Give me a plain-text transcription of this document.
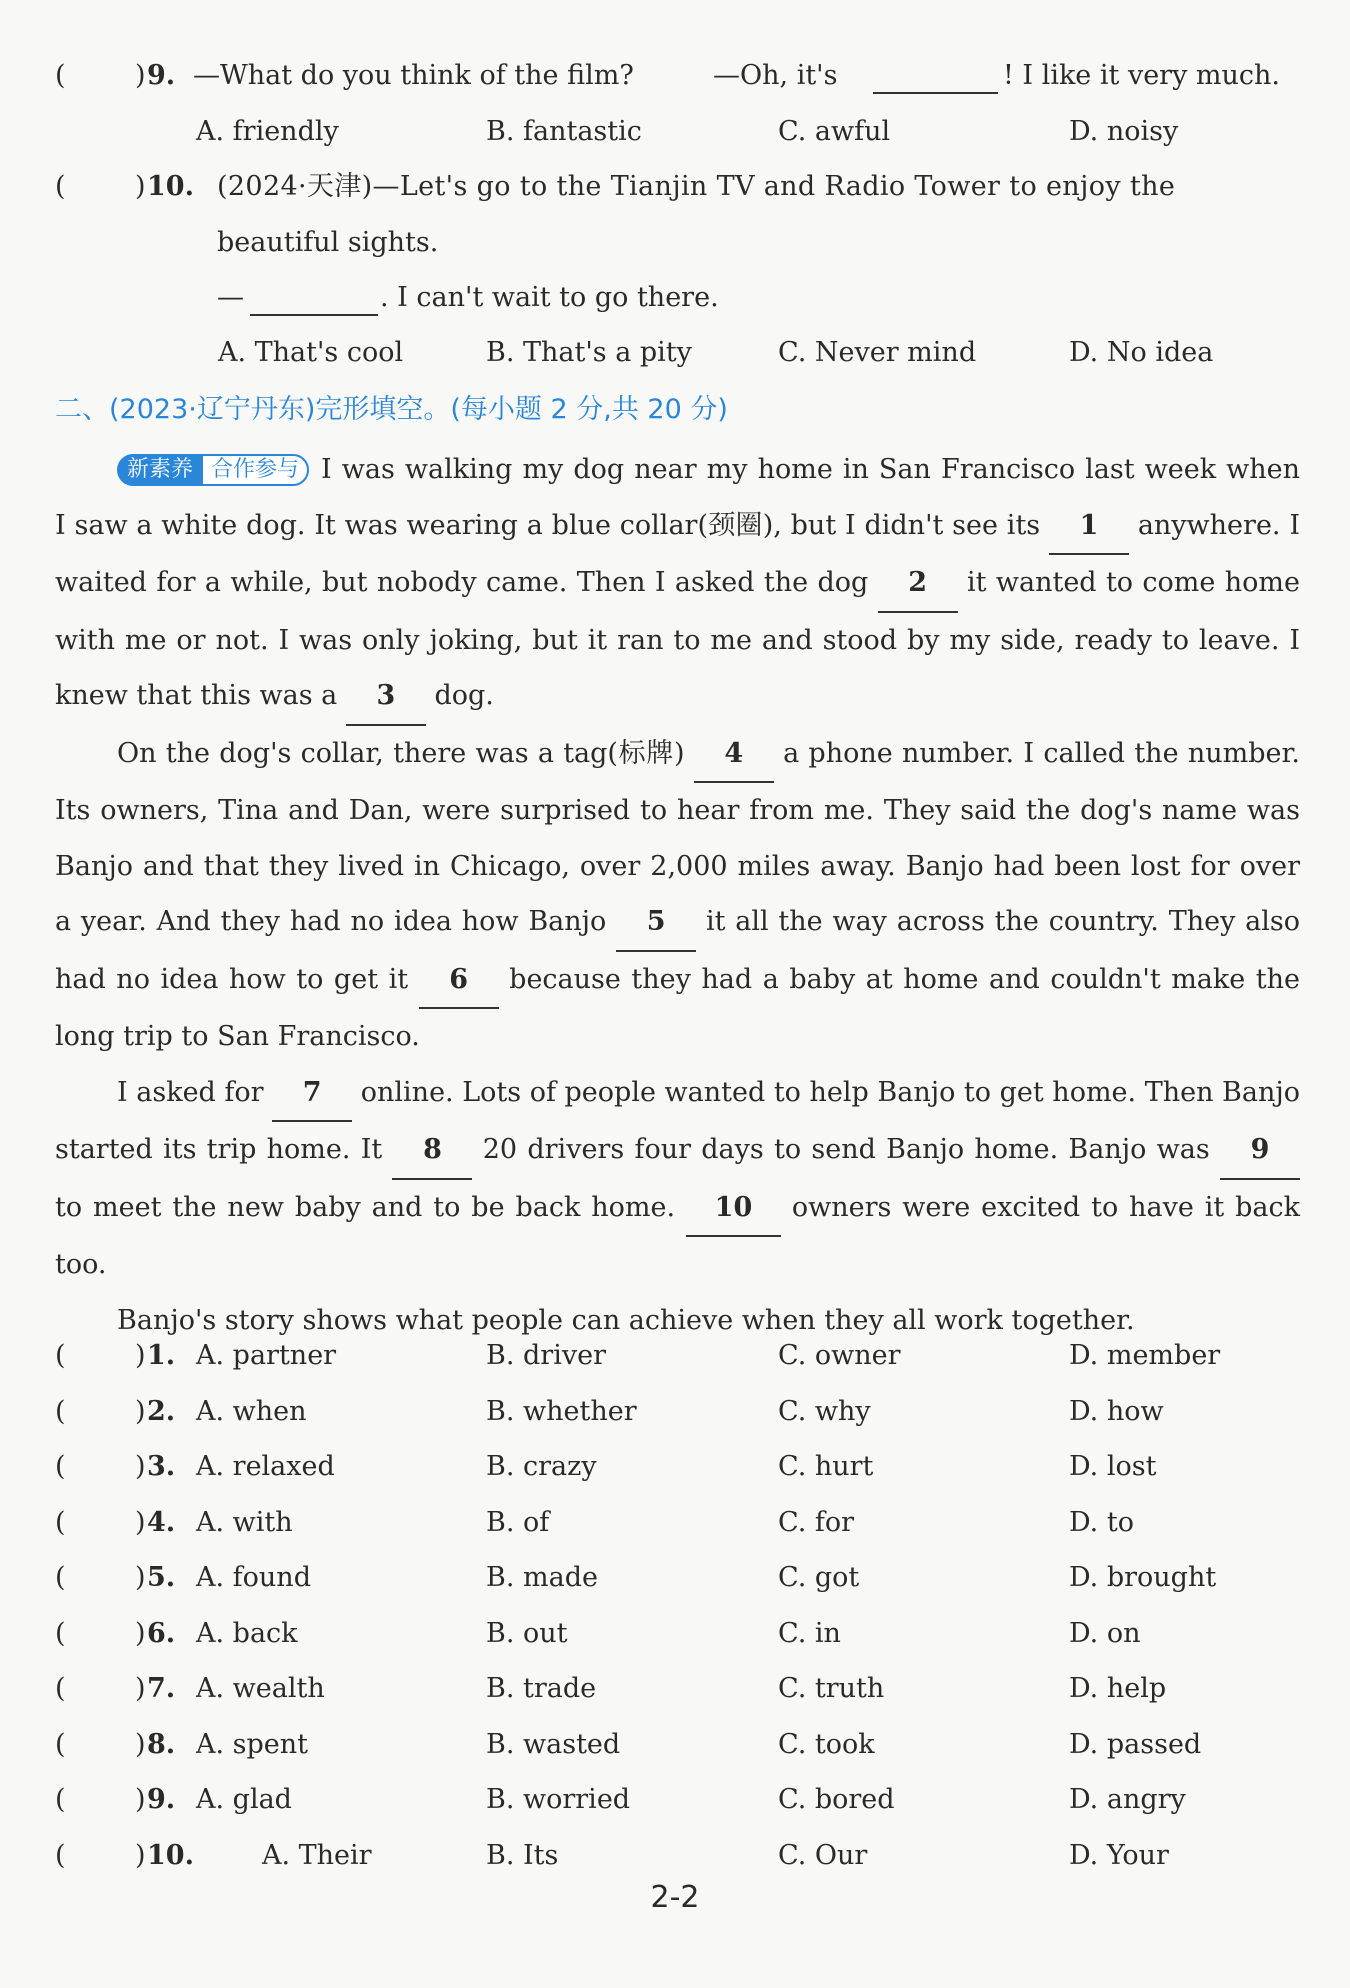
(	) 9. —What do you think of the film?	—Oh, it's	! I like it very much.
A. friendly	B. fantastic	C. awful	D. noisy
(	) 10. (2024·天津)—Let's go to the Tianjin TV and Radio Tower to enjoy the
beautiful sights.
—	. I can't wait to go there.
A. That's cool	B. That's a pity	C. Never mind	D. No idea
二、(2023·辽宁丹东)完形填空。(每小题 2 分,共 20 分)
新素养 合作参与 I was walking my dog near my home in San Francisco last week when I saw a white dog. It was wearing a blue collar(颈圈), but I didn't see its 1 anywhere. I waited for a while, but nobody came. Then I asked the dog 2 it wanted to come home with me or not. I was only joking, but it ran to me and stood by my side, ready to leave. I knew that this was a 3 dog.
On the dog's collar, there was a tag(标牌) 4 a phone number. I called the number. Its owners, Tina and Dan, were surprised to hear from me. They said the dog's name was Banjo and that they lived in Chicago, over 2,000 miles away. Banjo had been lost for over a year. And they had no idea how Banjo 5 it all the way across the country. They also had no idea how to get it 6 because they had a baby at home and couldn't make the long trip to San Francisco.
I asked for 7 online. Lots of people wanted to help Banjo to get home. Then Banjo started its trip home. It 8 20 drivers four days to send Banjo home. Banjo was 9 to meet the new baby and to be back home. 10 owners were excited to have it back too.
Banjo's story shows what people can achieve when they all work together.
(	) 1. A. partner	B. driver	C. owner	D. member
(	) 2. A. when	B. whether	C. why	D. how
(	) 3. A. relaxed	B. crazy	C. hurt	D. lost
(	) 4. A. with	B. of	C. for	D. to
(	) 5. A. found	B. made	C. got	D. brought
(	) 6. A. back	B. out	C. in	D. on
(	) 7. A. wealth	B. trade	C. truth	D. help
(	) 8. A. spent	B. wasted	C. took	D. passed
(	) 9. A. glad	B. worried	C. bored	D. angry
(	) 10.	A. Their	B. Its	C. Our	D. Your
2-2
